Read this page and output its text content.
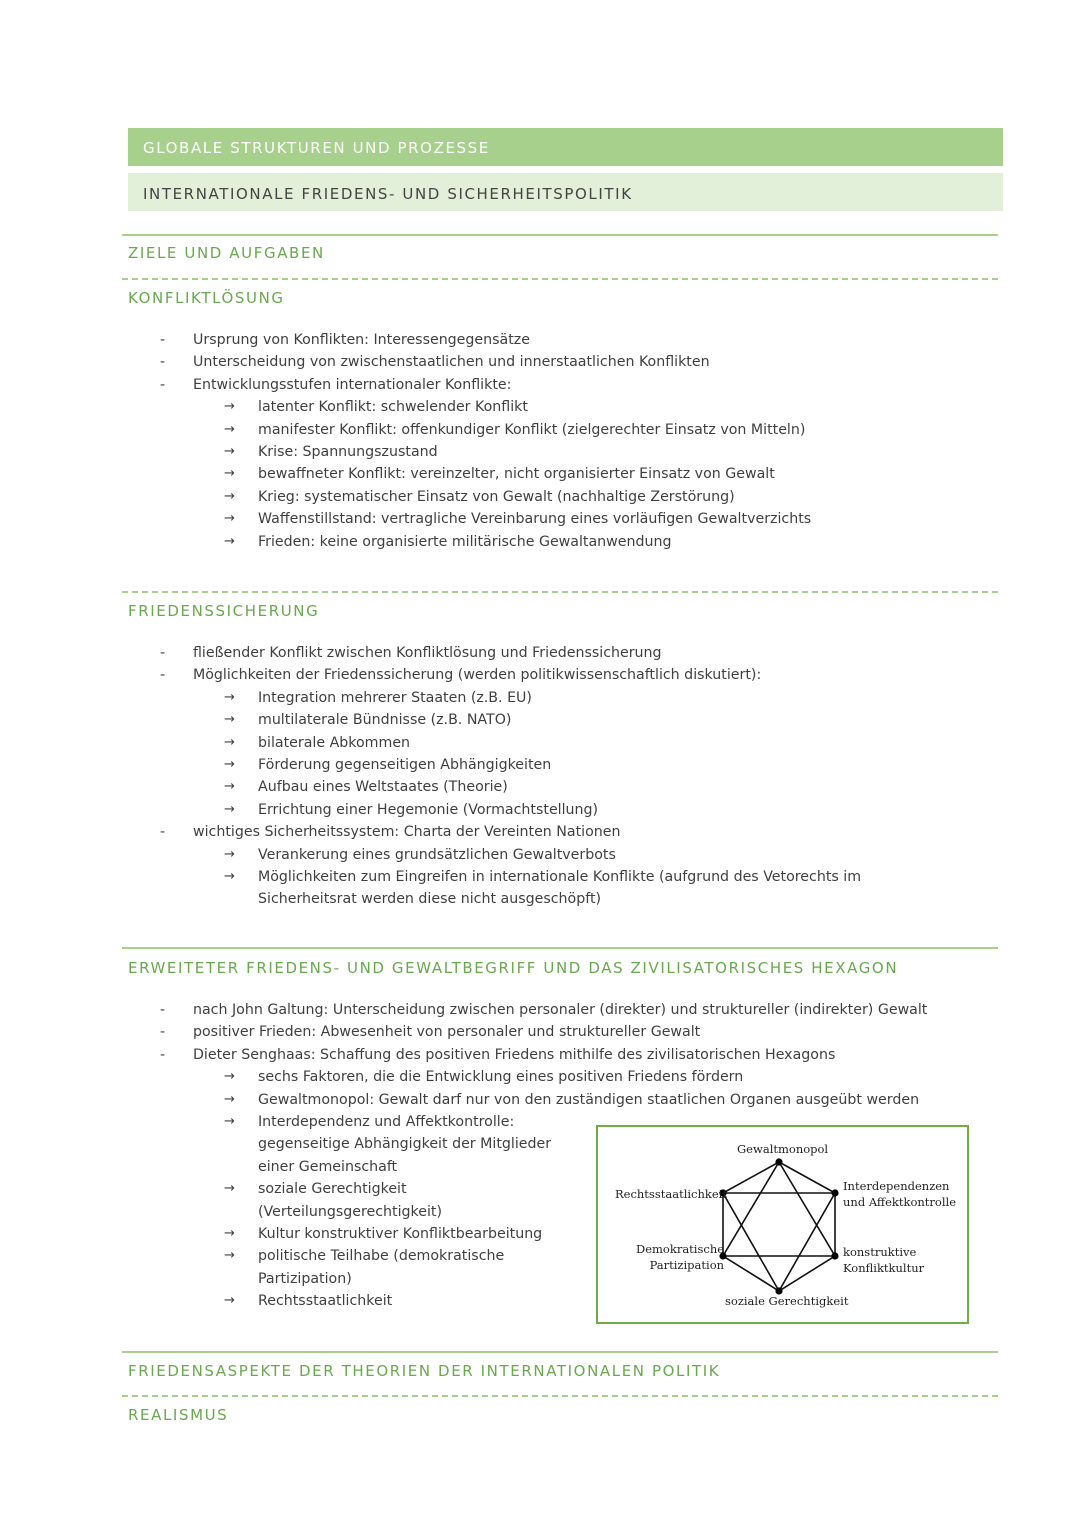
GLOBALE STRUKTUREN UND PROZESSE
INTERNATIONALE FRIEDENS- UND SICHERHEITSPOLITIK
ZIELE UND AUFGABEN
KONFLIKTLÖSUNG
- Ursprung von Konflikten: Interessengegensätze
- Unterscheidung von zwischenstaatlichen und innerstaatlichen Konflikten
- Entwicklungsstufen internationaler Konflikte:
→ latenter Konflikt: schwelender Konflikt
→ manifester Konflikt: offenkundiger Konflikt (zielgerechter Einsatz von Mitteln)
→ Krise: Spannungszustand
→ bewaffneter Konflikt: vereinzelter, nicht organisierter Einsatz von Gewalt
→ Krieg: systematischer Einsatz von Gewalt (nachhaltige Zerstörung)
→ Waffenstillstand: vertragliche Vereinbarung eines vorläufigen Gewaltverzichts
→ Frieden: keine organisierte militärische Gewaltanwendung
FRIEDENSSICHERUNG
- fließender Konflikt zwischen Konfliktlösung und Friedenssicherung
- Möglichkeiten der Friedenssicherung (werden politikwissenschaftlich diskutiert):
→ Integration mehrerer Staaten (z.B. EU)
→ multilaterale Bündnisse (z.B. NATO)
→ bilaterale Abkommen
→ Förderung gegenseitigen Abhängigkeiten
→ Aufbau eines Weltstaates (Theorie)
→ Errichtung einer Hegemonie (Vormachtstellung)
- wichtiges Sicherheitssystem: Charta der Vereinten Nationen
→ Verankerung eines grundsätzlichen Gewaltverbots
→ Möglichkeiten zum Eingreifen in internationale Konflikte (aufgrund des Vetorechts im
Sicherheitsrat werden diese nicht ausgeschöpft)
ERWEITETER FRIEDENS- UND GEWALTBEGRIFF UND DAS ZIVILISATORISCHES HEXAGON
- nach John Galtung: Unterscheidung zwischen personaler (direkter) und struktureller (indirekter) Gewalt
- positiver Frieden: Abwesenheit von personaler und struktureller Gewalt
- Dieter Senghaas: Schaffung des positiven Friedens mithilfe des zivilisatorischen Hexagons
→ sechs Faktoren, die die Entwicklung eines positiven Friedens fördern
→ Gewaltmonopol: Gewalt darf nur von den zuständigen staatlichen Organen ausgeübt werden
→ Interdependenz und Affektkontrolle:
gegenseitige Abhängigkeit der Mitglieder
einer Gemeinschaft
→ soziale Gerechtigkeit
(Verteilungsgerechtigkeit)
→ Kultur konstruktiver Konfliktbearbeitung
→ politische Teilhabe (demokratische
Partizipation)
→ Rechtsstaatlichkeit
Gewaltmonopol
Rechtsstaatlichkeit
Interdependenzen
und Affektkontrolle
Demokratische
Partizipation
konstruktive
Konfliktkultur
soziale Gerechtigkeit
FRIEDENSASPEKTE DER THEORIEN DER INTERNATIONALEN POLITIK
REALISMUS
